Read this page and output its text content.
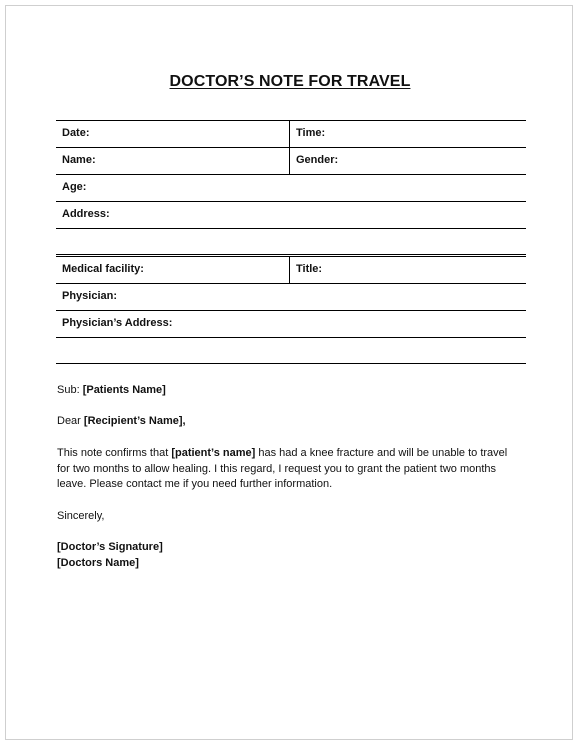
DOCTOR’S NOTE FOR TRAVEL
Date:	Time:
Name:	Gender:
Age:
Address:
Medical facility:	Title:
Physician:
Physician’s Address:
Sub: [Patients Name]
Dear [Recipient’s Name],
This note confirms that [patient’s name] has had a knee fracture and will be unable to travel for two months to allow healing. I this regard, I request you to grant the patient two months leave. Please contact me if you need further information.
Sincerely,
[Doctor’s Signature]
[Doctors Name]
